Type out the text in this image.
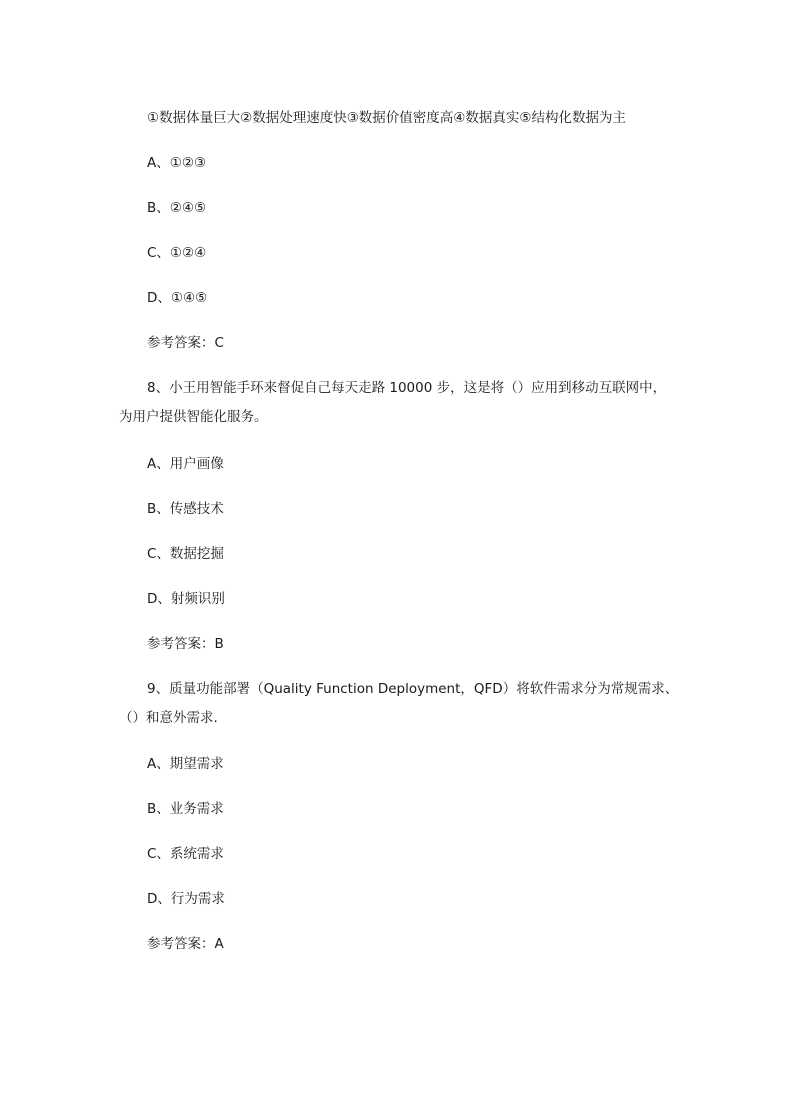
①数据体量巨大②数据处理速度快③数据价值密度高④数据真实⑤结构化数据为主
A、①②③
B、②④⑤
C、①②④
D、①④⑤
参考答案：C
8、小王用智能手环来督促自己每天走路 10000 步，这是将（）应用到移动互联网中，
为用户提供智能化服务。
A、用户画像
B、传感技术
C、数据挖掘
D、射频识别
参考答案：B
9、质量功能部署（Quality Function Deployment，QFD）将软件需求分为常规需求、
（）和意外需求.
A、期望需求
B、业务需求
C、系统需求
D、行为需求
参考答案：A
